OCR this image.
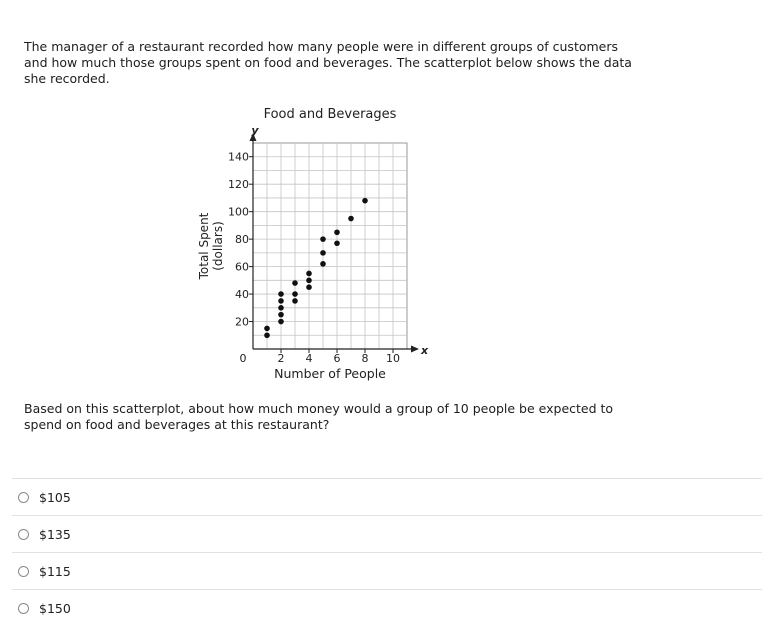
The manager of a restaurant recorded how many people were in different groups of customers and how much those groups spent on food and beverages. The scatterplot below shows the data she recorded.

20
40
60
80
100
120
140
2 4 6 8 10
0
x
y
Food and Beverages
Number of People
Total Spent(dollars)

Based on this scatterplot, about how much money would a group of 10 people be expected to spend on food and beverages at this restaurant?

$105
$135
$115
$150
